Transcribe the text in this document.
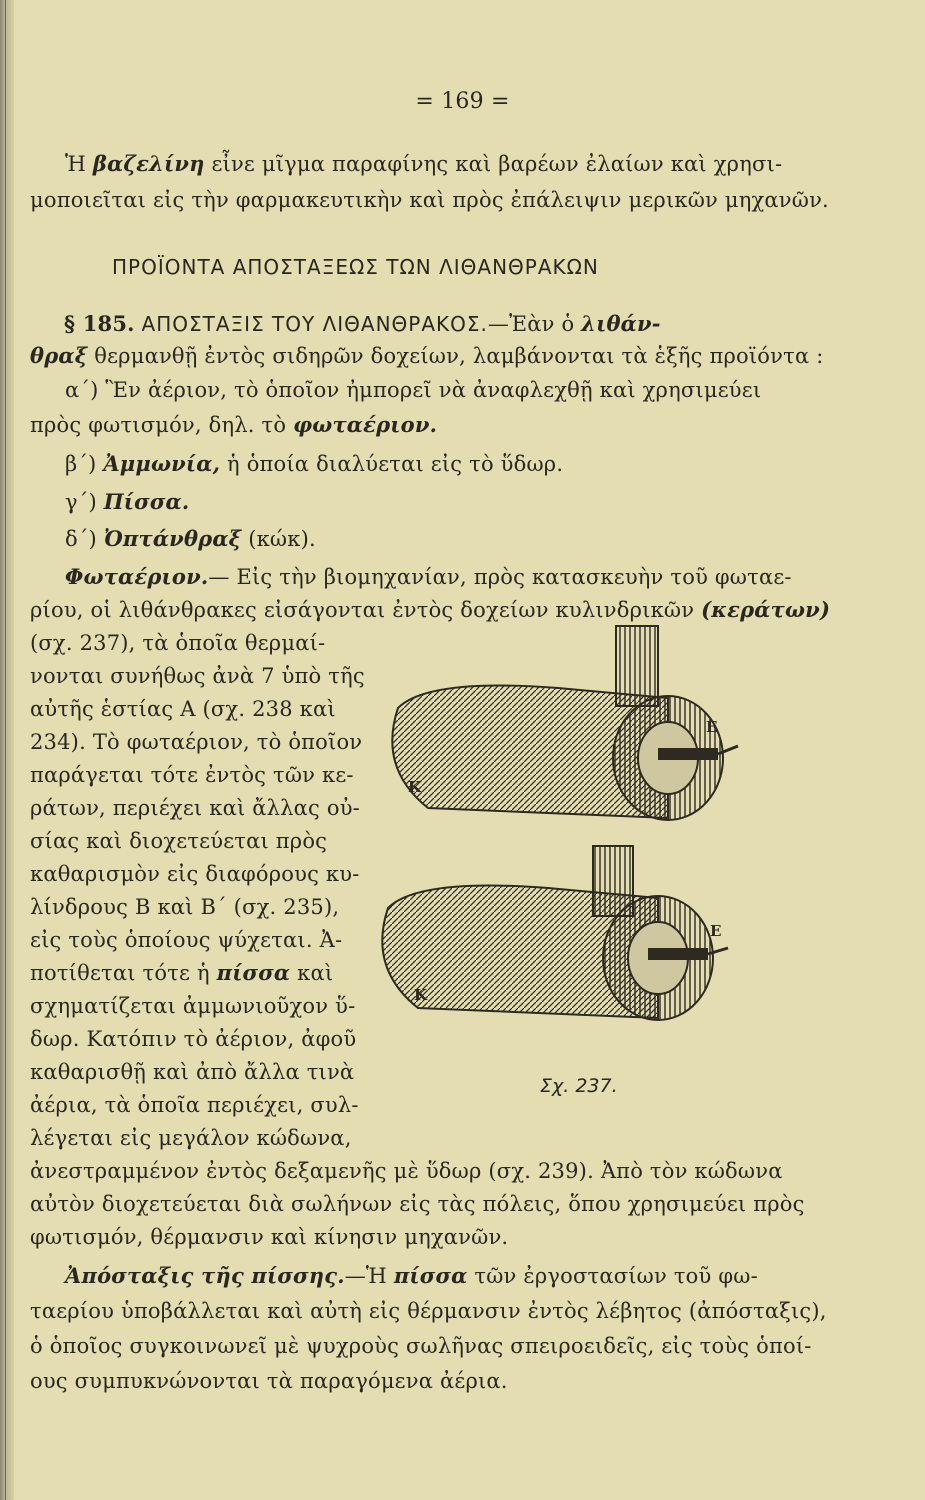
= 169 =
Ἡ βαζελίνη εἶνε μῖγμα παραφίνης καὶ βαρέων ἐλαίων καὶ χρησι-
μοποιεῖται εἰς τὴν φαρμακευτικὴν καὶ πρὸς ἐπάλειψιν μερικῶν μηχανῶν.
ΠΡΟΪΟΝΤΑ ΑΠΟΣΤΑΞΕΩΣ ΤΩΝ ΛΙΘΑΝΘΡΑΚΩΝ
§ 185. ΑΠΟΣΤΑΞΙΣ ΤΟΥ ΛΙΘΑΝΘΡΑΚΟΣ.—Ἐὰν ὁ λιθάν-
θραξ θερμανθῇ ἐντὸς σιδηρῶν δοχείων, λαμβάνονται τὰ ἑξῆς προϊόντα :
α΄) Ἓν ἀέριον, τὸ ὁποῖον ἠμπορεῖ νὰ ἀναφλεχθῇ καὶ χρησιμεύει
πρὸς φωτισμόν, δηλ. τὸ φωταέριον.
β΄) Ἀμμωνία, ἡ ὁποία διαλύεται εἰς τὸ ὕδωρ.
γ΄) Πίσσα.
δ΄) Ὀπτάνθραξ (κώκ).
Φωταέριον.— Εἰς τὴν βιομηχανίαν, πρὸς κατασκευὴν τοῦ φωταε-
ρίου, οἱ λιθάνθρακες εἰσάγονται ἐντὸς δοχείων κυλινδρικῶν (κεράτων)
(σχ. 237), τὰ ὁποῖα θερμαί-
νονται συνήθως ἀνὰ 7 ὑπὸ τῆς
αὐτῆς ἑστίας Α (σχ. 238 καὶ
234). Τὸ φωταέριον, τὸ ὁποῖον
παράγεται τότε ἐντὸς τῶν κε-
ράτων, περιέχει καὶ ἄλλας οὐ-
σίας καὶ διοχετεύεται πρὸς
καθαρισμὸν εἰς διαφόρους κυ-
λίνδρους Β καὶ Β΄ (σχ. 235),
εἰς τοὺς ὁποίους ψύχεται. Ἀ-
ποτίθεται τότε ἡ πίσσα καὶ
σχηματίζεται ἀμμωνιοῦχον ὕ-
δωρ. Κατόπιν τὸ ἀέριον, ἀφοῦ
καθαρισθῇ καὶ ἀπὸ ἄλλα τινὰ
ἀέρια, τὰ ὁποῖα περιέχει, συλ-
λέγεται εἰς μεγάλον κώδωνα,
ἀνεστραμμένον ἐντὸς δεξαμενῆς μὲ ὕδωρ (σχ. 239). Ἀπὸ τὸν κώδωνα
αὐτὸν διοχετεύεται διὰ σωλήνων εἰς τὰς πόλεις, ὅπου χρησιμεύει πρὸς
φωτισμόν, θέρμανσιν καὶ κίνησιν μηχανῶν.
Ἀπόσταξις τῆς πίσσης.—Ἡ πίσσα τῶν ἐργοστασίων τοῦ φω-
ταερίου ὑποβάλλεται καὶ αὐτὴ εἰς θέρμανσιν ἐντὸς λέβητος (ἀπόσταξις),
ὁ ὁποῖος συγκοινωνεῖ μὲ ψυχροὺς σωλῆνας σπειροειδεῖς, εἰς τοὺς ὁποί-
ους συμπυκνώνονται τὰ παραγόμενα ἀέρια.
Ε
Κ
Ε
Κ
Σχ. 237.
